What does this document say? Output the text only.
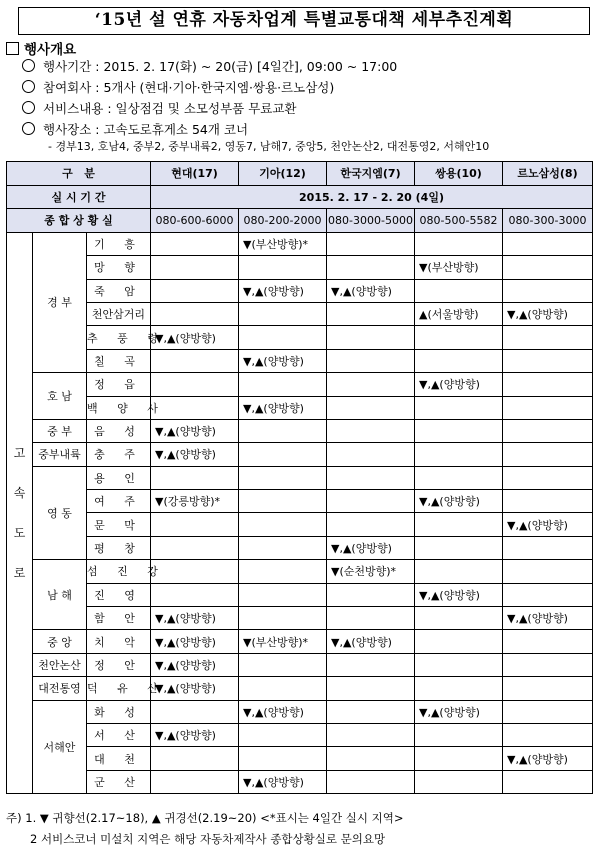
‘15년 설 연휴 자동차업계 특별교통대책 세부추진계획
행사개요
행사기간 : 2015. 2. 17(화) ~ 20(금) [4일간], 09:00 ~ 17:00
참여회사 : 5개사 (현대·기아·한국지엠·쌍용·르노삼성)
서비스내용 : 일상점검 및 소모성부품 무료교환
행사장소 : 고속도로휴게소 54개 코너
- 경부13, 호남4, 중부2, 중부내륙2, 영동7, 남해7, 중앙5, 천안논산2, 대전통영2, 서해안10
구   분			현대(17)	기아(12)	한국지엠(7)	쌍용(10)	르노삼성(8)
실 시 기 간			2015. 2. 17 - 2. 20 (4일)				
종 합 상 황 실			080-600-6000	080-200-2000	080-3000-5000	080-500-5582	080-300-3000

고
속
도
로	경 부	기 흥		▼(부산방향)*			
		망 향				▼(부산방향)	
		죽 암		▼,▲(양방향)	▼,▲(양방향)		
		천안삼거리				▲(서울방향)	▼,▲(양방향)
		추 풍 령	▼,▲(양방향)				
		칠 곡		▼,▲(양방향)			
	호 남	정 읍				▼,▲(양방향)	
		백 양 사		▼,▲(양방향)			
	중 부	음 성	▼,▲(양방향)				
	중부내륙	충 주	▼,▲(양방향)				
	영 동	용 인					
		여 주	▼(강릉방향)*			▼,▲(양방향)	
		문 막					▼,▲(양방향)
		평 창			▼,▲(양방향)		
	남 해	섬 진 강			▼(순천방향)*		
		진 영				▼,▲(양방향)	
		함 안	▼,▲(양방향)				▼,▲(양방향)
	중 앙	치 악	▼,▲(양방향)	▼(부산방향)*	▼,▲(양방향)		
	천안논산	정 안	▼,▲(양방향)				
	대전통영	덕 유 산	▼,▲(양방향)				
	서해안	화 성		▼,▲(양방향)		▼,▲(양방향)	
		서 산	▼,▲(양방향)				
		대 천					▼,▲(양방향)
		군 산		▼,▲(양방향)			
주) 1. ▼ 귀향선(2.17~18), ▲ 귀경선(2.19~20) <*표시는 4일간 실시 지역>
2 서비스코너 미설치 지역은 해당 자동차제작사 종합상황실로 문의요망
